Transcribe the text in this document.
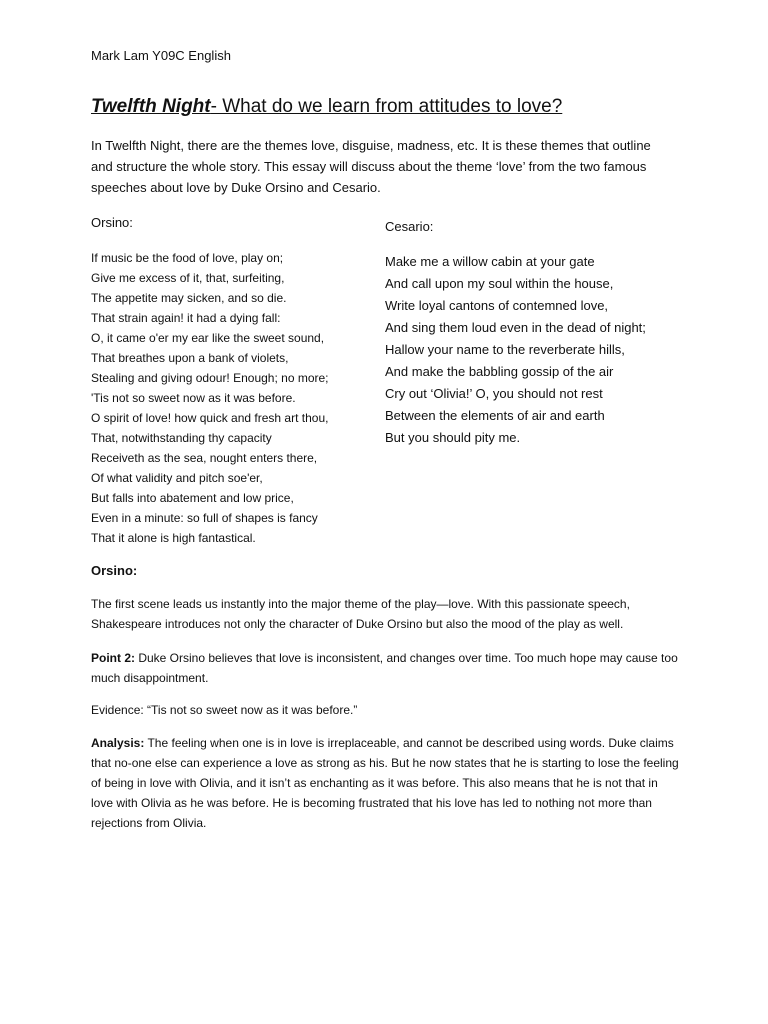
Mark Lam Y09C English
Twelfth Night- What do we learn from attitudes to love?

In Twelfth Night, there are the themes love, disguise, madness, etc. It is these themes that outline and structure the whole story. This essay will discuss about the theme ‘love’ from the two famous speeches about love by Duke Orsino and Cesario.

Orsino:
If music be the food of love, play on;
Give me excess of it, that, surfeiting,
The appetite may sicken, and so die.
That strain again! it had a dying fall:
O, it came o'er my ear like the sweet sound,
That breathes upon a bank of violets,
Stealing and giving odour! Enough; no more;
'Tis not so sweet now as it was before.
O spirit of love! how quick and fresh art thou,
That, notwithstanding thy capacity
Receiveth as the sea, nought enters there,
Of what validity and pitch soe'er,
But falls into abatement and low price,
Even in a minute: so full of shapes is fancy
That it alone is high fantastical.
Cesario:
Make me a willow cabin at your gate
And call upon my soul within the house,
Write loyal cantons of contemned love,
And sing them loud even in the dead of night;
Hallow your name to the reverberate hills,
And make the babbling gossip of the air
Cry out ‘Olivia!’ O, you should not rest
Between the elements of air and earth
But you should pity me.
Orsino:

The first scene leads us instantly into the major theme of the play—love. With this passionate speech, Shakespeare introduces not only the character of Duke Orsino but also the mood of the play as well.

Point 2: Duke Orsino believes that love is inconsistent, and changes over time. Too much hope may cause too much disappointment.

Evidence: “Tis not so sweet now as it was before.”

Analysis: The feeling when one is in love is irreplaceable, and cannot be described using words. Duke claims that no-one else can experience a love as strong as his. But he now states that he is starting to lose the feeling of being in love with Olivia, and it isn’t as enchanting as it was before. This also means that he is not that in love with Olivia as he was before. He is becoming frustrated that his love has led to nothing not more than rejections from Olivia.
